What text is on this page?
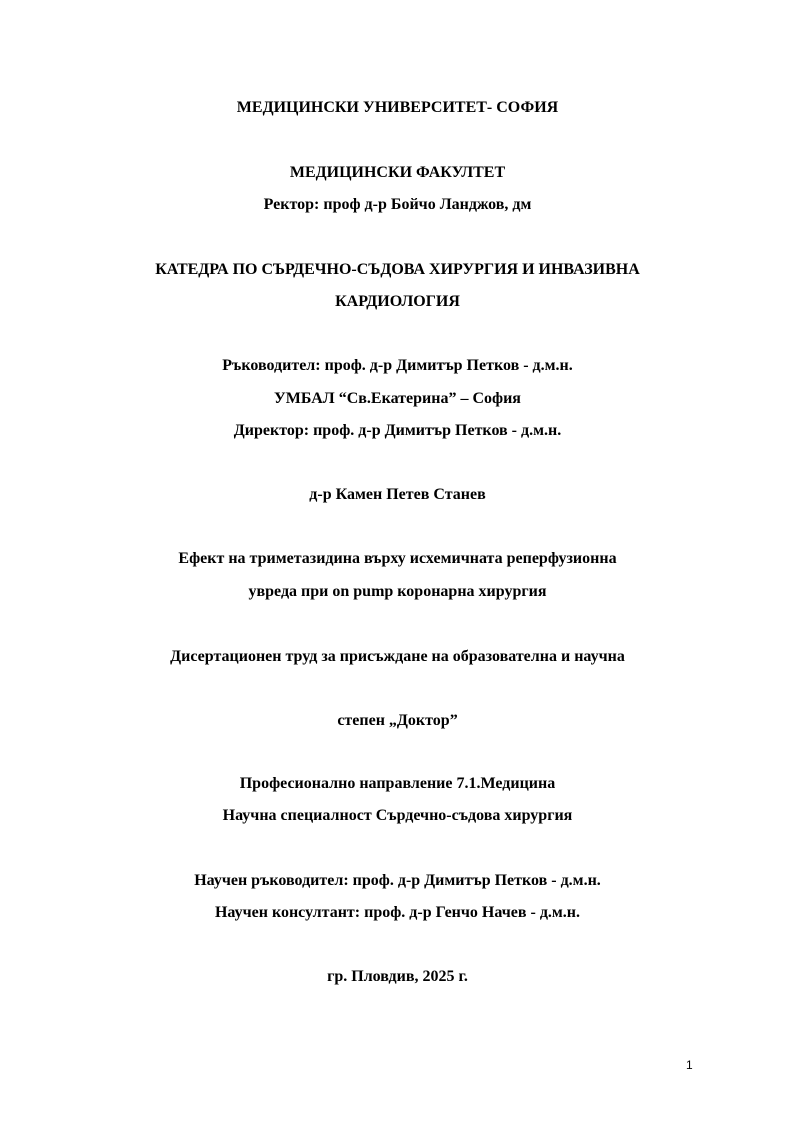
МЕДИЦИНСКИ УНИВЕРСИТЕТ- СОФИЯ
МЕДИЦИНСКИ ФАКУЛТЕТ
Ректор: проф д-р Бойчо Ланджов, дм
КАТЕДРА ПО СЪРДЕЧНО-СЪДОВА ХИРУРГИЯ И ИНВАЗИВНА
КАРДИОЛОГИЯ
Ръководител: проф. д-р Димитър Петков - д.м.н.
УМБАЛ “Св.Екатерина” – София
Директор: проф. д-р Димитър Петков - д.м.н.
д-р Камен Петев Станев
Ефект на триметазидина върху исхемичната реперфузионна
увреда при on pump коронарна хирургия
Дисертационен труд за присъждане на образователна и научна
степен „Доктор”
Професионално направление 7.1.Медицина
Научна специалност Сърдечно-съдова хирургия
Научен ръководител: проф. д-р Димитър Петков - д.м.н.
Научен консултант: проф. д-р Генчо Начев - д.м.н.
гр. Пловдив, 2025 г.
1
